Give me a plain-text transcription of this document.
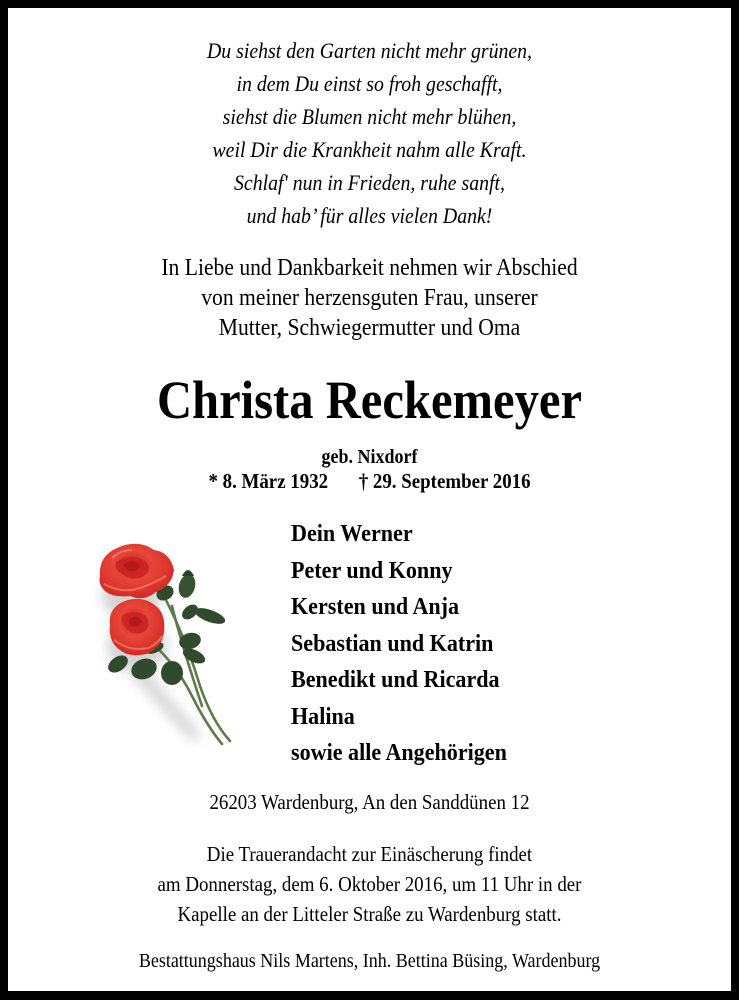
Du siehst den Garten nicht mehr grünen,
in dem Du einst so froh geschafft,
siehst die Blumen nicht mehr blühen,
weil Dir die Krankheit nahm alle Kraft.
Schlaf' nun in Frieden, ruhe sanft,
und hab’ für alles vielen Dank!
In Liebe und Dankbarkeit nehmen wir Abschied
von meiner herzensguten Frau, unserer
Mutter, Schwiegermutter und Oma
Christa Reckemeyer
geb. Nixdorf
* 8. März 1932 † 29. September 2016
Dein Werner
Peter und Konny
Kersten und Anja
Sebastian und Katrin
Benedikt und Ricarda
Halina
sowie alle Angehörigen
26203 Wardenburg, An den Sanddünen 12
Die Trauerandacht zur Einäscherung findet
am Donnerstag, dem 6. Oktober 2016, um 11 Uhr in der
Kapelle an der Litteler Straße zu Wardenburg statt.
Bestattungshaus Nils Martens, Inh. Bettina Büsing, Wardenburg
